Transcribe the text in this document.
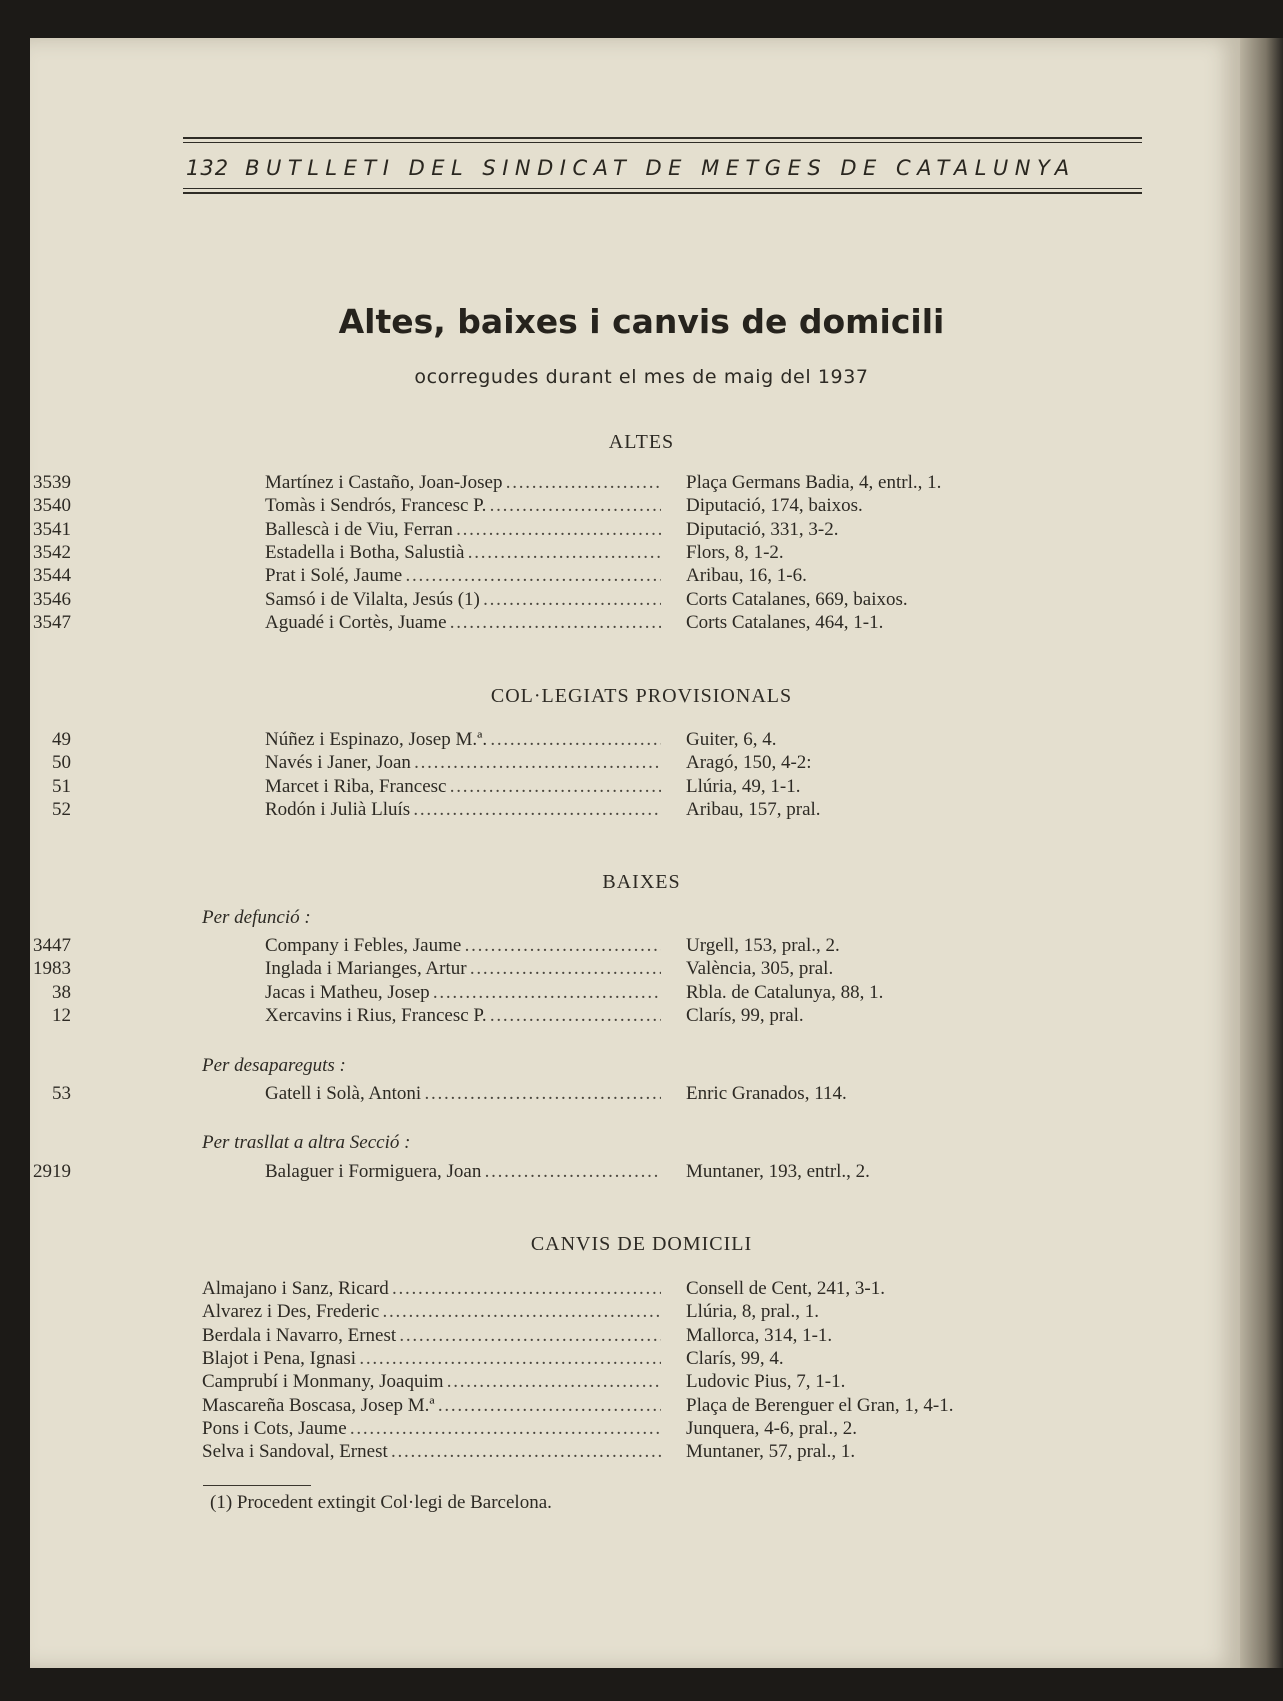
132 BUTLLETI DEL SINDICAT DE METGES DE CATALUNYA
Altes, baixes i canvis de domicili
ocorregudes durant el mes de maig del 1937
ALTES
3539	Martínez i Castaño, Joan-Josep . . .	Plaça Germans Badia, 4, entrl., 1.
3540	Tomàs i Sendrós, Francesc P. . . .	Diputació, 174, baixos.
3541	Ballescà i de Viu, Ferran . . .	Diputació, 331, 3-2.
3542	Estadella i Botha, Salustià . . .	Flors, 8, 1-2.
3544	Prat i Solé, Jaume . . .	Aribau, 16, 1-6.
3546	Samsó i de Vilalta, Jesús (1) . . .	Corts Catalanes, 669, baixos.
3547	Aguadé i Cortès, Juame . . .	Corts Catalanes, 464, 1-1.
COL·LEGIATS PROVISIONALS
49	Núñez i Espinazo, Josep M.ª. . . .	Guiter, 6, 4.
50	Navés i Janer, Joan . . .	Aragó, 150, 4-2:
51	Marcet i Riba, Francesc . . .	Llúria, 49, 1-1.
52	Rodón i Julià Lluís . . .	Aribau, 157, pral.
BAIXES
Per defunció :
3447	Company i Febles, Jaume . . .	Urgell, 153, pral., 2.
1983	Inglada i Marianges, Artur . . .	València, 305, pral.
38	Jacas i Matheu, Josep . . .	Rbla. de Catalunya, 88, 1.
12	Xercavins i Rius, Francesc P. . . .	Clarís, 99, pral.
Per desapareguts :
53	Gatell i Solà, Antoni . . .	Enric Granados, 114.
Per trasllat a altra Secció :
2919	Balaguer i Formiguera, Joan . . .	Muntaner, 193, entrl., 2.
CANVIS DE DOMICILI
Almajano i Sanz, Ricard . . .	Consell de Cent, 241, 3-1.
Alvarez i Des, Frederic . . .	Llúria, 8, pral., 1.
Berdala i Navarro, Ernest . . .	Mallorca, 314, 1-1.
Blajot i Pena, Ignasi . . .	Clarís, 99, 4.
Camprubí i Monmany, Joaquim . . .	Ludovic Pius, 7, 1-1.
Mascareña Boscasa, Josep M.ª . . .	Plaça de Berenguer el Gran, 1, 4-1.
Pons i Cots, Jaume . . .	Junquera, 4-6, pral., 2.
Selva i Sandoval, Ernest . . .	Muntaner, 57, pral., 1.
(1) Procedent extingit Col·legi de Barcelona.
